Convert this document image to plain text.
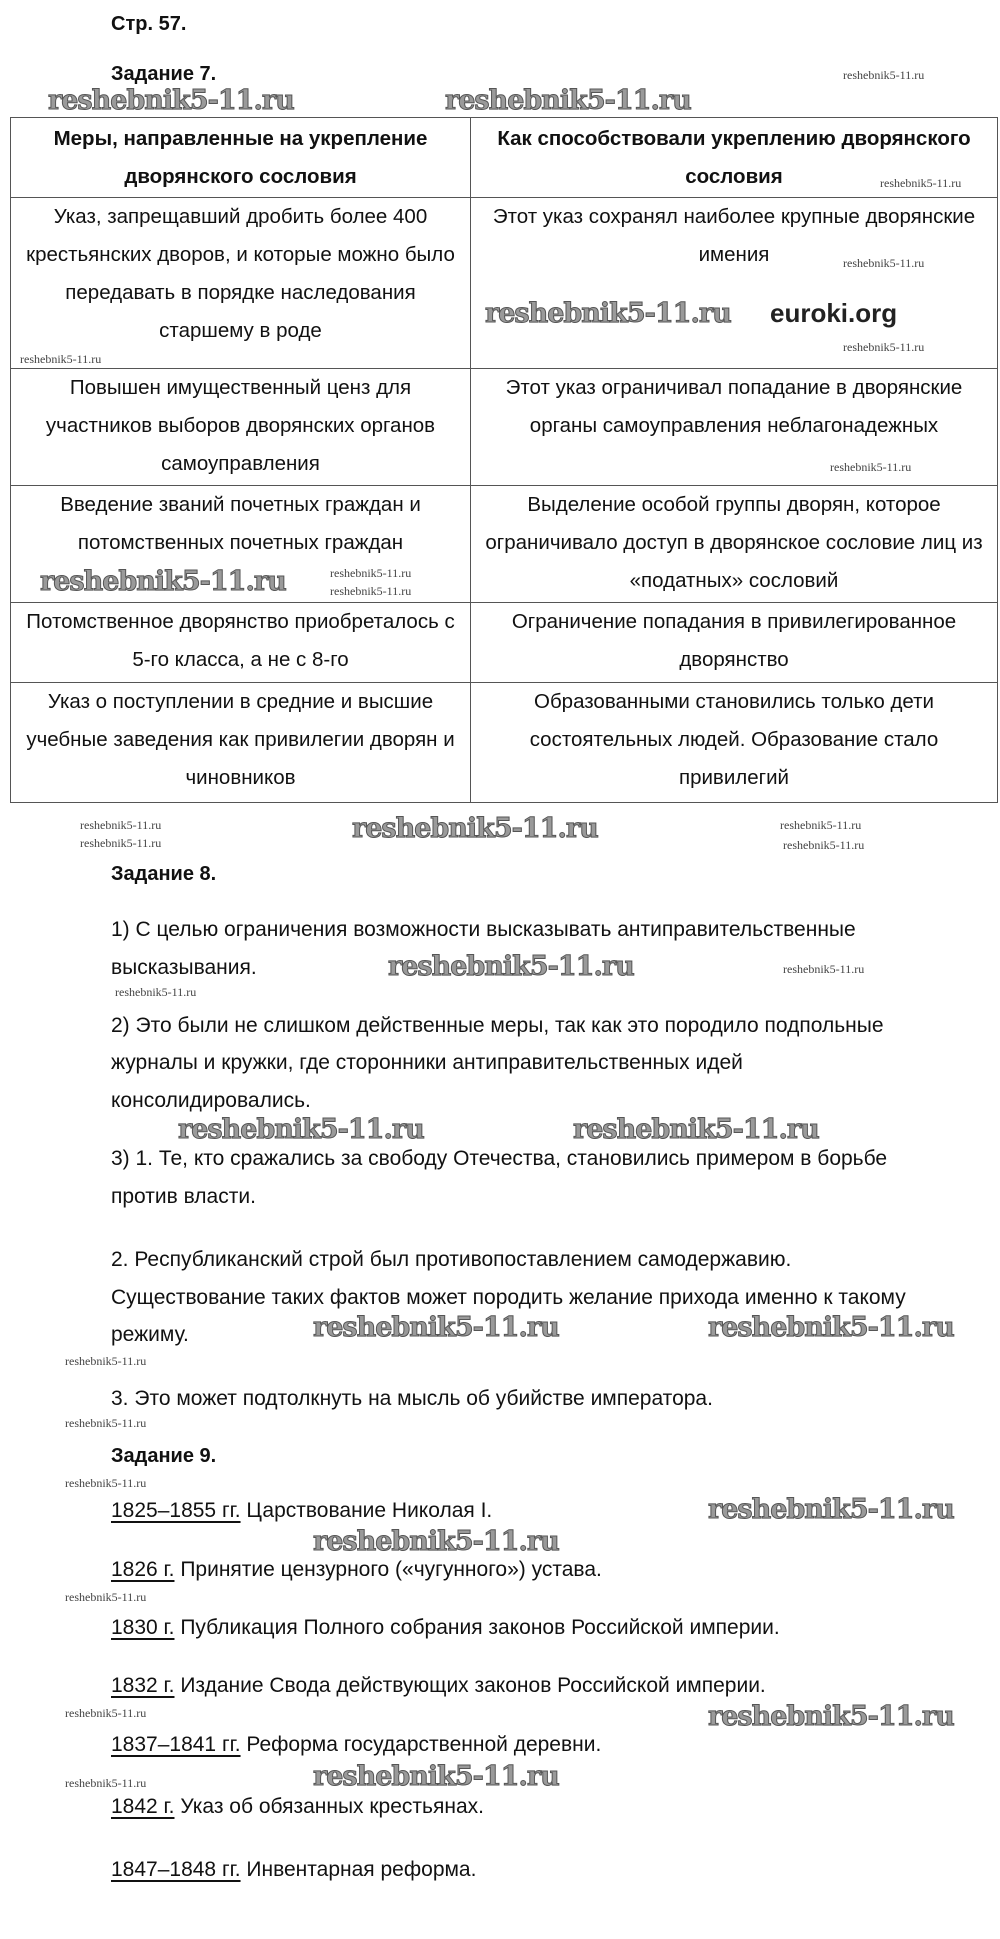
Стр. 57.
Задание 7.
Меры, направленные на укрепление дворянского сословия	Как способствовали укреплению дворянского сословия
Указ, запрещавший дробить более 400 крестьянских дворов, и которые можно было передавать в порядке наследования старшему в роде	Этот указ сохранял наиболее крупные дворянские имения
Повышен имущественный ценз для участников выборов дворянских органов самоуправления	Этот указ ограничивал попадание в дворянские органы самоуправления неблагонадежных
Введение званий почетных граждан и потомственных почетных граждан	Выделение особой группы дворян, которое ограничивало доступ в дворянское сословие лиц из «податных» сословий
Потомственное дворянство приобреталось с 5-го класса, а не с 8-го	Ограничение попадания в привилегированное дворянство
Указ о поступлении в средние и высшие учебные заведения как привилегии дворян и чиновников	Образованными становились только дети состоятельных людей. Образование стало привилегий
Задание 8.
1) С целью ограничения возможности высказывать антиправительственные
высказывания.
2) Это были не слишком действенные меры, так как это породило подпольные
журналы и кружки, где сторонники антиправительственных идей
консолидировались.
3) 1. Те, кто сражались за свободу Отечества, становились примером в борьбе
против власти.
2. Республиканский строй был противопоставлением самодержавию.
Существование таких фактов может породить желание прихода именно к такому
режиму.
3. Это может подтолкнуть на мысль об убийстве императора.
Задание 9.
1825–1855 гг. Царствование Николая I.
1826 г. Принятие цензурного («чугунного») устава.
1830 г. Публикация Полного собрания законов Российской империи.
1832 г. Издание Свода действующих законов Российской империи.
1837–1841 гг. Реформа государственной деревни.
1842 г. Указ об обязанных крестьянах.
1847–1848 гг. Инвентарная реформа.
reshebnik5-11.ru	reshebnik5-11.ru
reshebnik5-11.ru
reshebnik5-11.ru
reshebnik5-11.ru
reshebnik5-11.ru
reshebnik5-11.ru	reshebnik5-11.ru
reshebnik5-11.ru	reshebnik5-11.ru
reshebnik5-11.ru
reshebnik5-11.ru
reshebnik5-11.ru
reshebnik5-11.ru
euroki.org
reshebnik5-11.ru
reshebnik5-11.ru
reshebnik5-11.ru
reshebnik5-11.ru
reshebnik5-11.ru
reshebnik5-11.ru
reshebnik5-11.ru
reshebnik5-11.ru
reshebnik5-11.ru
reshebnik5-11.ru
reshebnik5-11.ru	reshebnik5-11.ru
reshebnik5-11.ru
reshebnik5-11.ru
reshebnik5-11.ru
reshebnik5-11.ru
reshebnik5-11.ru
reshebnik5-11.ru
reshebnik5-11.ru
reshebnik5-11.ru
